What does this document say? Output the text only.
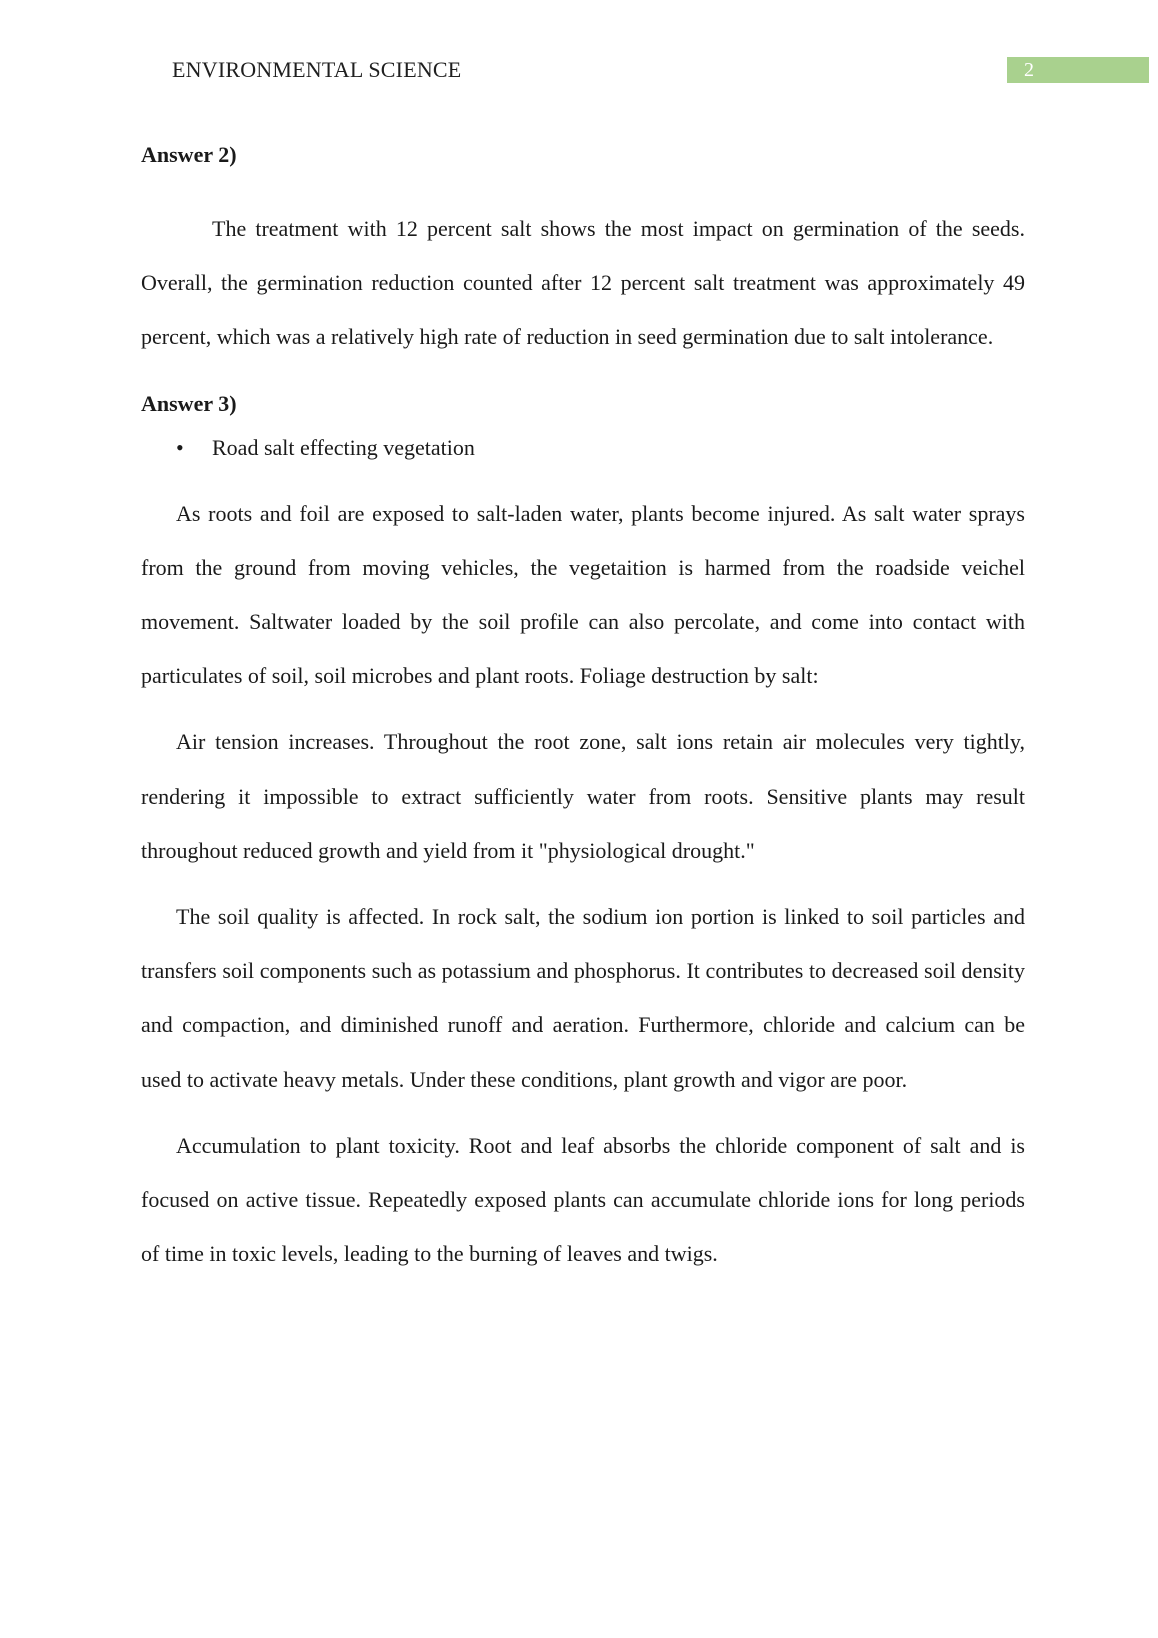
ENVIRONMENTAL SCIENCE	2

Answer 2)

The treatment with 12 percent salt shows the most impact on germination of the seeds. Overall, the germination reduction counted after 12 percent salt treatment was approximately 49 percent, which was a relatively high rate of reduction in seed germination due to salt intolerance.

Answer 3)

• Road salt effecting vegetation

As roots and foil are exposed to salt-laden water, plants become injured. As salt water sprays from the ground from moving vehicles, the vegetaition is harmed from the roadside veichel movement. Saltwater loaded by the soil profile can also percolate, and come into contact with particulates of soil, soil microbes and plant roots. Foliage destruction by salt:

Air tension increases. Throughout the root zone, salt ions retain air molecules very tightly, rendering it impossible to extract sufficiently water from roots. Sensitive plants may result throughout reduced growth and yield from it "physiological drought."

The soil quality is affected. In rock salt, the sodium ion portion is linked to soil particles and transfers soil components such as potassium and phosphorus. It contributes to decreased soil density and compaction, and diminished runoff and aeration. Furthermore, chloride and calcium can be used to activate heavy metals. Under these conditions, plant growth and vigor are poor.

Accumulation to plant toxicity. Root and leaf absorbs the chloride component of salt and is focused on active tissue. Repeatedly exposed plants can accumulate chloride ions for long periods of time in toxic levels, leading to the burning of leaves and twigs.
